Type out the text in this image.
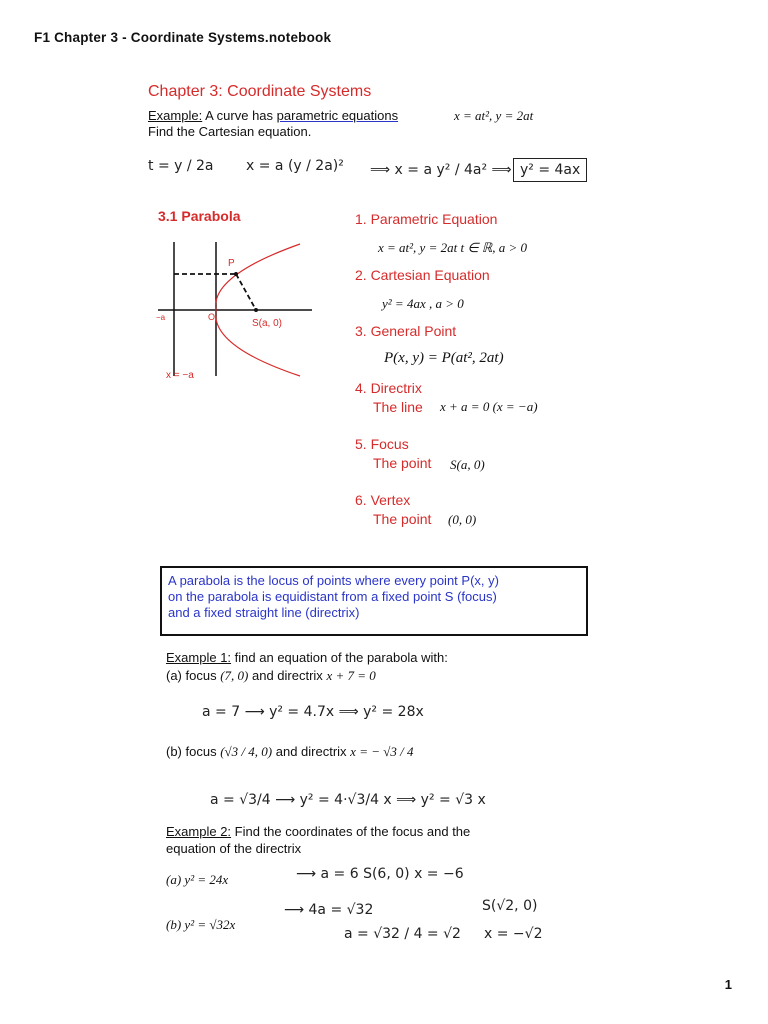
F1 Chapter 3 - Coordinate Systems.notebook
Chapter 3: Coordinate Systems
Example: A curve has parametric equations	x = at², y = 2at
Find the Cartesian equation.
t = y / 2a x = a (y / 2a)² ⟹ x = a y² / 4a² ⟹ y² = 4ax
3.1 Parabola
P
S(a, 0)
O
−a
x = −a
1. Parametric Equation
x = at², y = 2at t ∈ ℝ, a > 0
2. Cartesian Equation
y² = 4ax , a > 0
3. General Point
P(x, y) = P(at², 2at)
4. Directrix
The line x + a = 0 (x = −a)
5. Focus
The point S(a, 0)
6. Vertex
The point (0, 0)
A parabola is the locus of points where every point P(x, y)
on the parabola is equidistant from a fixed point S (focus)
and a fixed straight line (directrix)
Example 1: find an equation of the parabola with:
(a) focus (7, 0) and directrix x + 7 = 0
a = 7 ⟶ y² = 4.7x ⟹ y² = 28x
(b) focus (√3 / 4, 0) and directrix x = − √3 / 4
a = √3/4 ⟶ y² = 4·√3/4 x ⟹ y² = √3 x
Example 2: Find the coordinates of the focus and the
equation of the directrix
(a) y² = 24x	⟶ a = 6 S(6, 0) x = −6
(b) y² = √32x
⟶ 4a = √32
a = √32 / 4 = √2
S(√2, 0)
x = −√2
1
